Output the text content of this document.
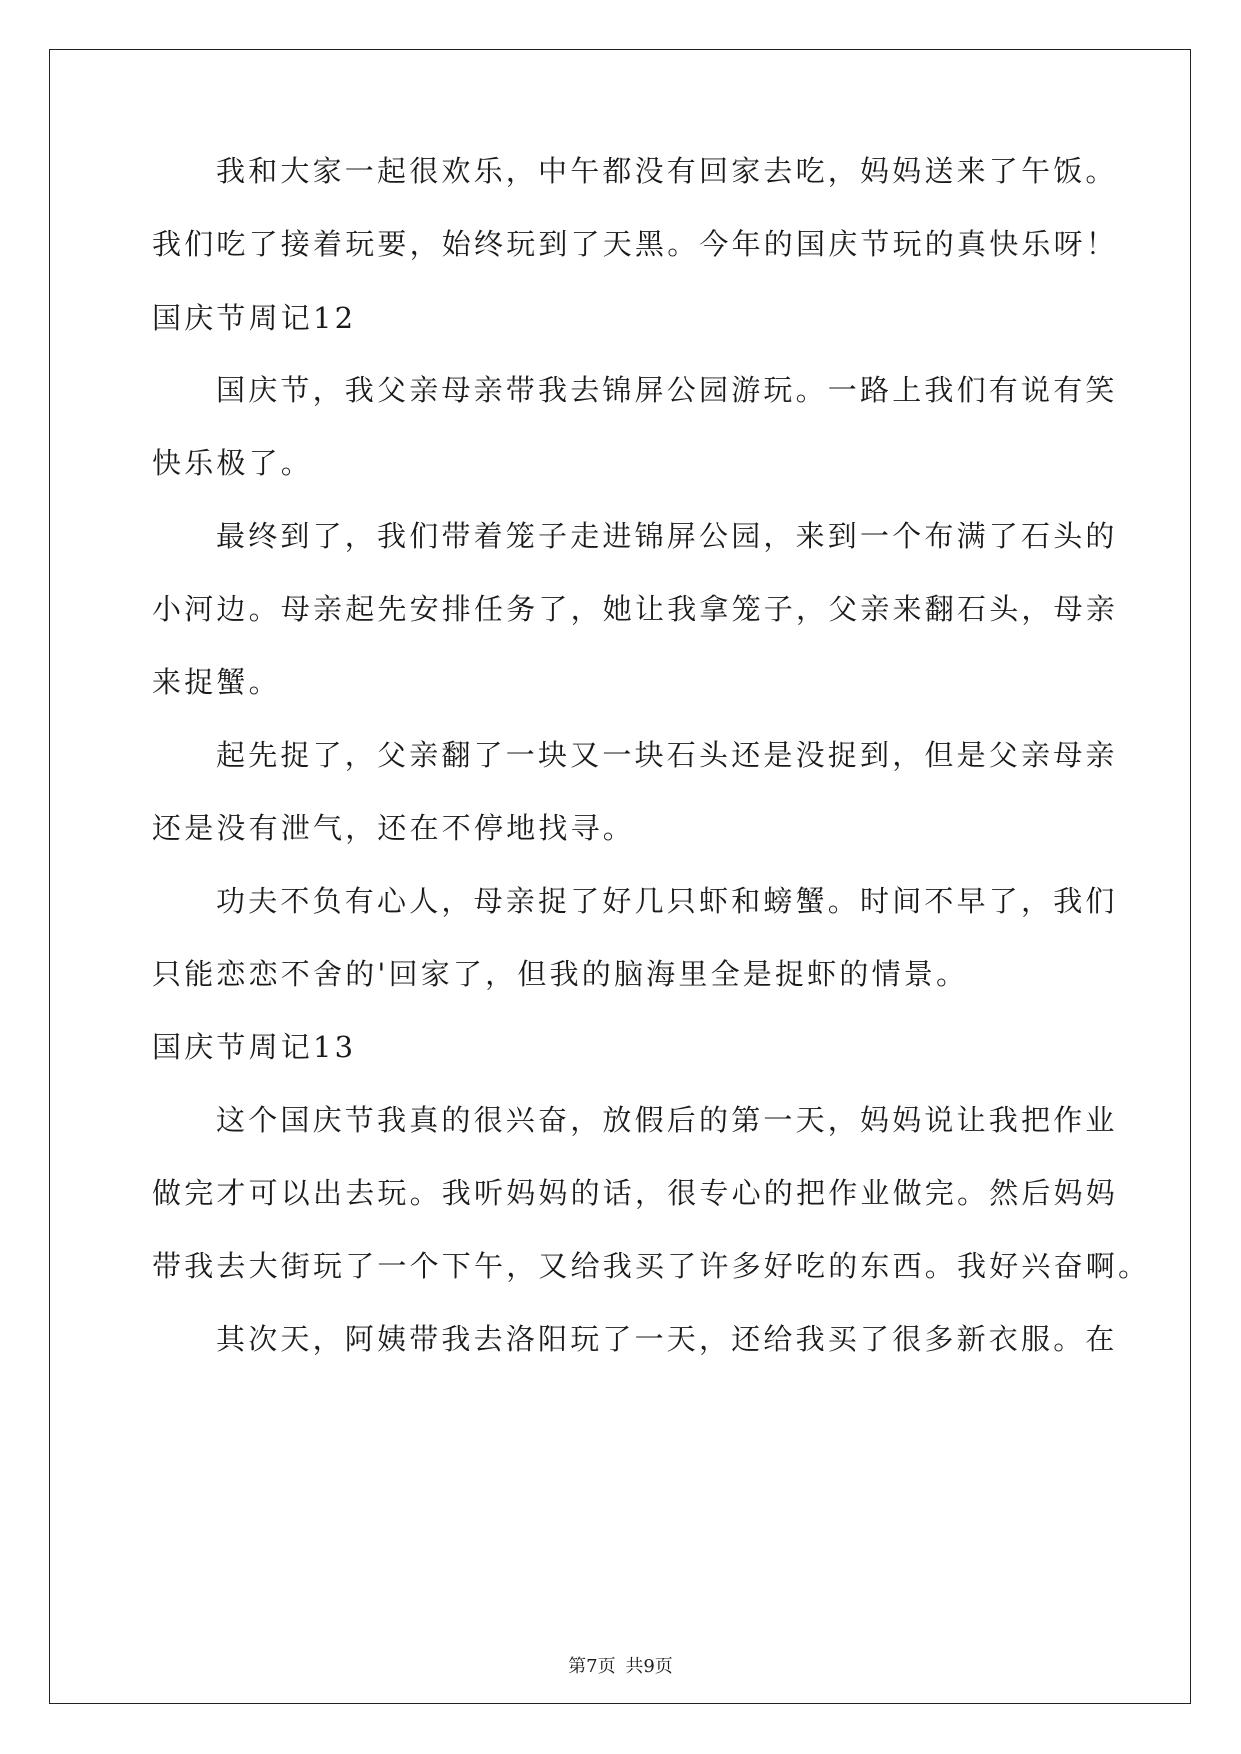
我和大家一起很欢乐，中午都没有回家去吃，妈妈送来了午饭。
我们吃了接着玩要，始终玩到了天黑。今年的国庆节玩的真快乐呀！
国庆节周记12
国庆节，我父亲母亲带我去锦屏公园游玩。一路上我们有说有笑
快乐极了。
最终到了，我们带着笼子走进锦屏公园，来到一个布满了石头的
小河边。母亲起先安排任务了，她让我拿笼子，父亲来翻石头，母亲
来捉蟹。
起先捉了，父亲翻了一块又一块石头还是没捉到，但是父亲母亲
还是没有泄气，还在不停地找寻。
功夫不负有心人，母亲捉了好几只虾和螃蟹。时间不早了，我们
只能恋恋不舍的'回家了，但我的脑海里全是捉虾的情景。
国庆节周记13
这个国庆节我真的很兴奋，放假后的第一天，妈妈说让我把作业
做完才可以出去玩。我听妈妈的话，很专心的把作业做完。然后妈妈
带我去大街玩了一个下午，又给我买了许多好吃的东西。我好兴奋啊。
其次天，阿姨带我去洛阳玩了一天，还给我买了很多新衣服。在
第7页 共9页
